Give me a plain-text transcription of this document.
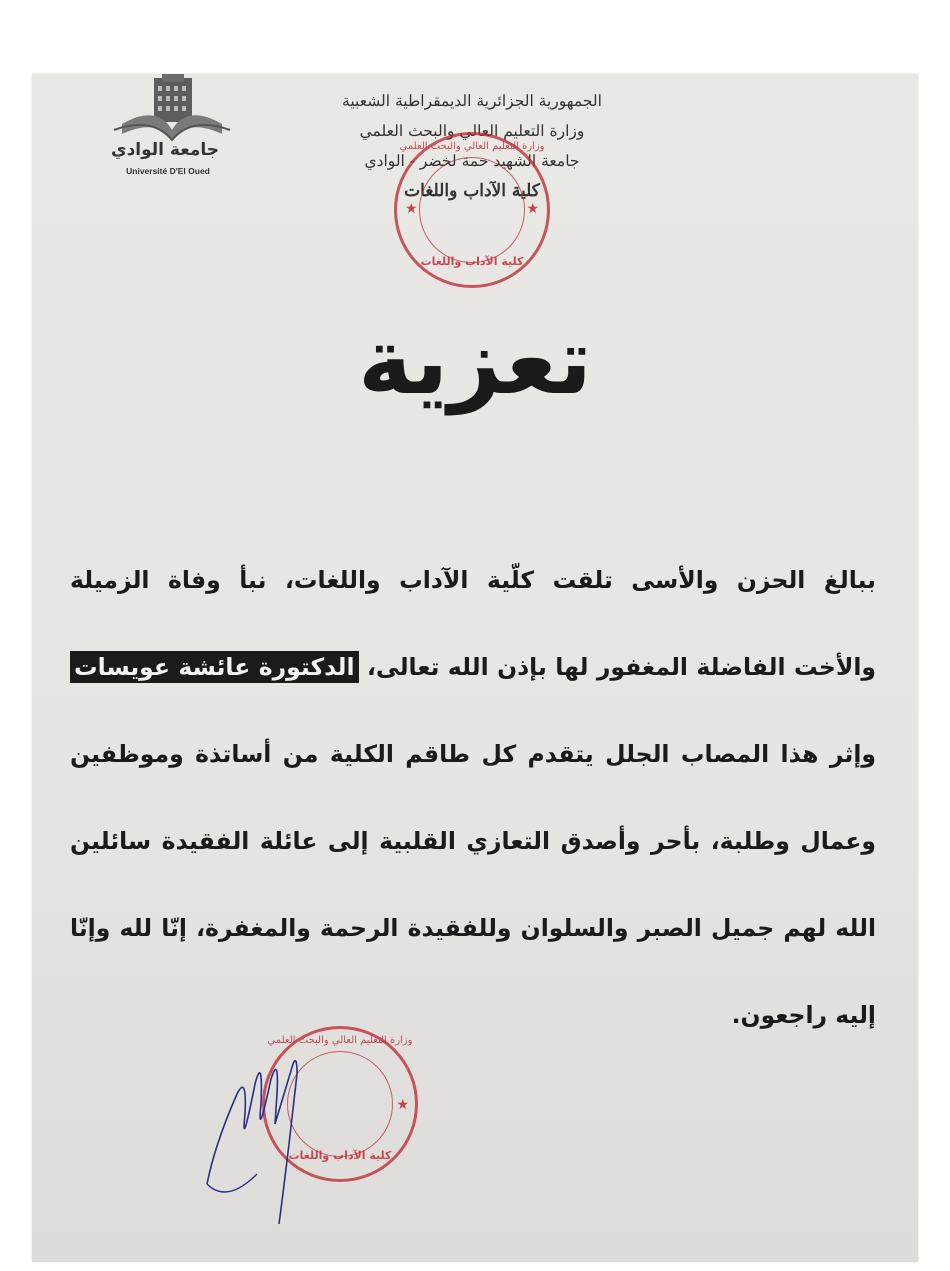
جامعة الوادي
Université D'El Oued
الجمهورية الجزائرية الديمقراطية الشعبية
وزارة التعليم العالي والبحث العلمي
جامعة الشهيد حمة لخضر - الوادي
كلية الآداب واللغات
★	★
وزارة التعليم العالي والبحث العلمي
كلية الآداب واللغات
تعزية
ببالغ الحزن والأسى تلقت كلّية الآداب واللغات، نبأ وفاة الزميلة
والأخت الفاضلة المغفور لها بإذن الله تعالى، الدكتورة عائشة عويسات
وإثر هذا المصاب الجلل يتقدم كل طاقم الكلية من أساتذة وموظفين
وعمال وطلبة، بأحر وأصدق التعازي القلبية إلى عائلة الفقيدة سائلين
الله لهم جميل الصبر والسلوان وللفقيدة الرحمة والمغفرة، إنّا لله وإنّا
إليه راجعون.
★
وزارة التعليم العالي والبحث العلمي
كلية الآداب واللغات
